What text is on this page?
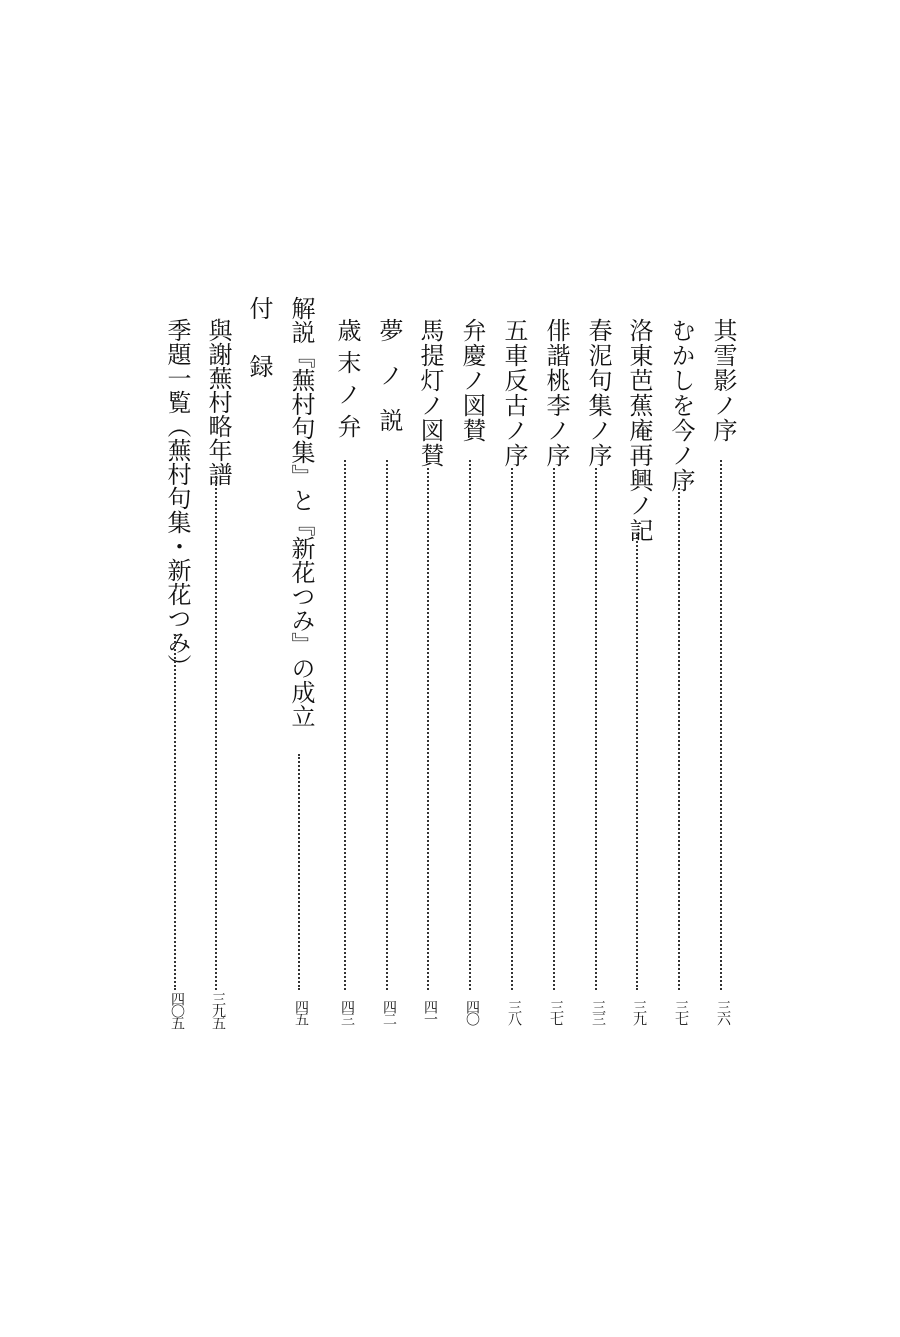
其雪影ノ序
三六
むかしを今ノ序
三七
洛東芭蕉庵再興ノ記
三九
春泥句集ノ序
三三
俳諧桃李ノ序
三七
五車反古ノ序
三八
弁慶ノ図賛
四〇
馬提灯ノ図賛
四一
夢ノ説
四二
歳末ノ弁
四三
解説『蕪村句集』と『新花つみ』の成立
四五
付録
與謝蕪村略年譜
三九五
季題一覧（蕪村句集・新花つみ）
四〇五
